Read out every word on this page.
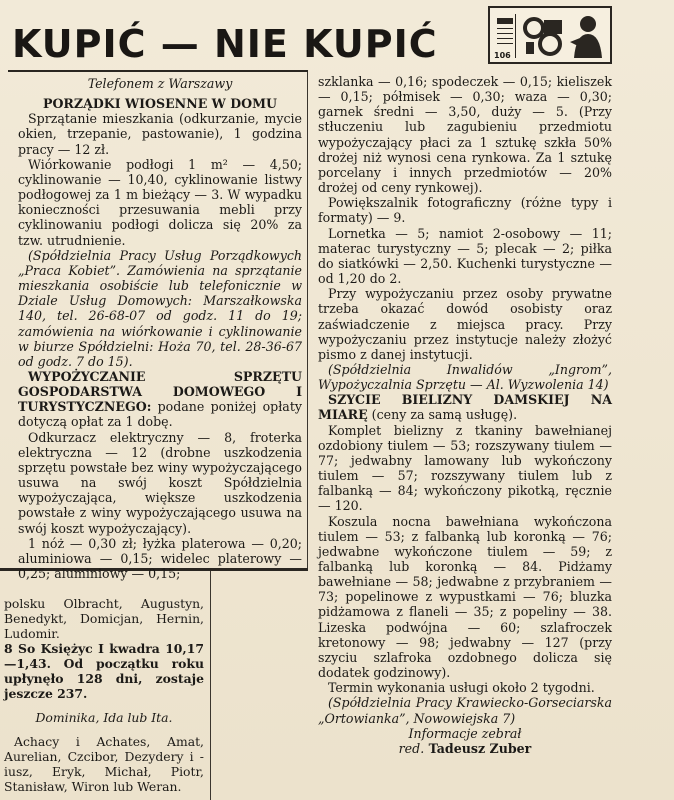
KUPIĆ — NIE KUPIĆ	106

Telefonem z Warszawy

PORZĄDKI WIOSENNE W DOMU

Sprzątanie mieszkania (odkurzanie, mycie okien, trzepanie, pastowanie), 1 godzina pracy — 12 zł.

Wiórkowanie podłogi 1 m² — 4,50; cyklinowanie — 10,40, cyklinowanie listwy podłogowej za 1 m bieżący — 3. W wypadku konieczności przesuwania mebli przy cyklinowaniu podłogi dolicza się 20% za tzw. utrudnienie.

(Spółdzielnia Pracy Usług Porządkowych „Praca Kobiet”. Zamówienia na sprzątanie mieszkania osobiście lub telefonicznie w Dziale Usług Domowych: Marszałkowska 140, tel. 26-68-07 od godz. 11 do 19; zamówienia na wiórkowanie i cyklinowanie w biurze Spółdzielni: Hoża 70, tel. 28-36-67 od godz. 7 do 15).

WYPOŻYCZANIE SPRZĘTU GOSPODARSTWA DOMOWEGO I TURYSTYCZNEGO: podane poniżej opłaty dotyczą opłat za 1 dobę.

Odkurzacz elektryczny — 8, froterka elektryczna — 12 (drobne uszkodzenia sprzętu powstałe bez winy wypożyczającego usuwa na swój koszt Spółdzielnia wypożyczająca, większe uszkodzenia powstałe z winy wypożyczającego usuwa na swój koszt wypożyczający).

1 nóż — 0,30 zł; łyżka platerowa — 0,20; aluminiowa — 0,15; widelec platerowy — 0,25; aluminiowy — 0,15;

szklanka — 0,16; spodeczek — 0,15; kieliszek — 0,15; półmisek — 0,30; waza — 0,30; garnek średni — 3,50, duży — 5. (Przy stłuczeniu lub zagubieniu przedmiotu wypożyczający płaci za 1 sztukę szkła 50% drożej niż wynosi cena rynkowa. Za 1 sztukę porcelany i innych przedmiotów — 20% drożej od ceny rynkowej).

Powiększalnik fotograficzny (różne typy i formaty) — 9.

Lornetka — 5; namiot 2-osobowy — 11; materac turystyczny — 5; plecak — 2; piłka do siatkówki — 2,50. Kuchenki turystyczne — od 1,20 do 2.

Przy wypożyczaniu przez osoby prywatne trzeba okazać dowód osobisty oraz zaświadczenie z miejsca pracy. Przy wypożyczaniu przez instytucje należy złożyć pismo z danej instytucji.

(Spółdzielnia Inwalidów „Ingrom”, Wypożyczalnia Sprzętu — Al. Wyzwolenia 14)

SZYCIE BIELIZNY DAMSKIEJ NA MIARĘ (ceny za samą usługę).

Komplet bielizny z tkaniny bawełnianej ozdobiony tiulem — 53; rozszywany tiulem — 77; jedwabny lamowany lub wykończony tiulem — 57; rozszywany tiulem lub z falbanką — 84; wykończony pikotką, ręcznie — 120.

Koszula nocna bawełniana wykończona tiulem — 53; z falbanką lub koronką — 76; jedwabne wykończone tiulem — 59; z falbanką lub koronką — 84. Pidżamy bawełniane — 58; jedwabne z przybraniem — 73; popelinowe z wypustkami — 76; bluzka pidżamowa z flaneli — 35; z popeliny — 38. Lizeska podwójna — 60; szlafroczek kretonowy — 98; jedwabny — 127 (przy szyciu szlafroka ozdobnego dolicza się dodatek godzinowy).

Termin wykonania usługi około 2 tygodni.

(Spółdzielnia Pracy Krawiecko-Gorseciarska „Ortowianka”, Nowowiejska 7)

Informacje zebrał

red. Tadeusz Zuber

polsku Olbracht, Augustyn, Benedykt, Domicjan, Hernin, Ludomir.

8 So Księżyc I kwadra 10,17—1,43. Od początku roku upłynęło 128 dni, zostaje jeszcze 237.

Dominika, Ida lub Ita.

Achacy i Achates, Amat, Aurelian, Czcibor, Dezydery i -iusz, Eryk, Michał, Piotr, Stanisław, Wiron lub Weran.
